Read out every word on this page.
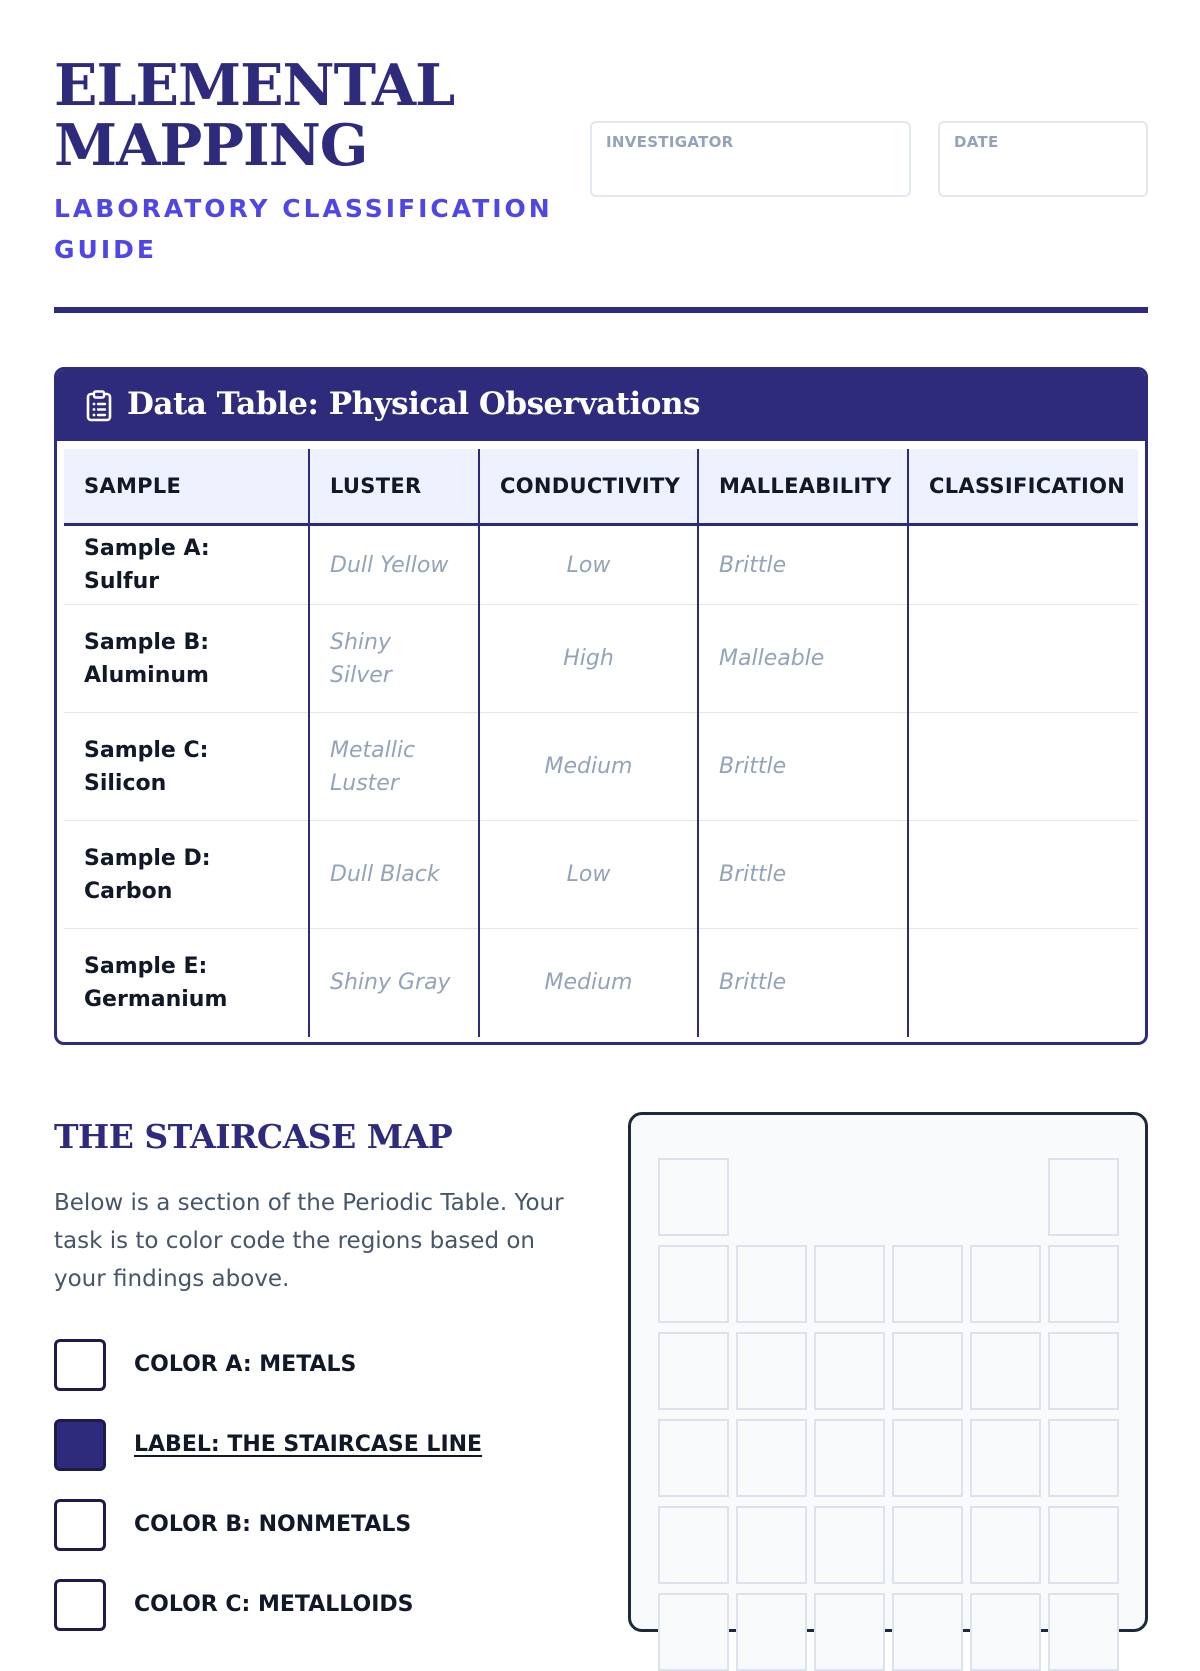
ELEMENTAL
MAPPING
LABORATORY CLASSIFICATION GUIDE
INVESTIGATOR	DATE
Data Table: Physical Observations
SAMPLE	LUSTER	CONDUCTIVITY	MALLEABILITY	CLASSIFICATION
Sample A: Sulfur	Dull Yellow	Low	Brittle	
Sample B: Aluminum	Shiny Silver	High	Malleable	
Sample C: Silicon	Metallic Luster	Medium	Brittle	
Sample D: Carbon	Dull Black	Low	Brittle	
Sample E: Germanium	Shiny Gray	Medium	Brittle	
THE STAIRCASE MAP
Below is a section of the Periodic Table. Your task is to color code the regions based on your findings above.
COLOR A: METALS
LABEL: THE STAIRCASE LINE
COLOR B: NONMETALS
COLOR C: METALLOIDS
